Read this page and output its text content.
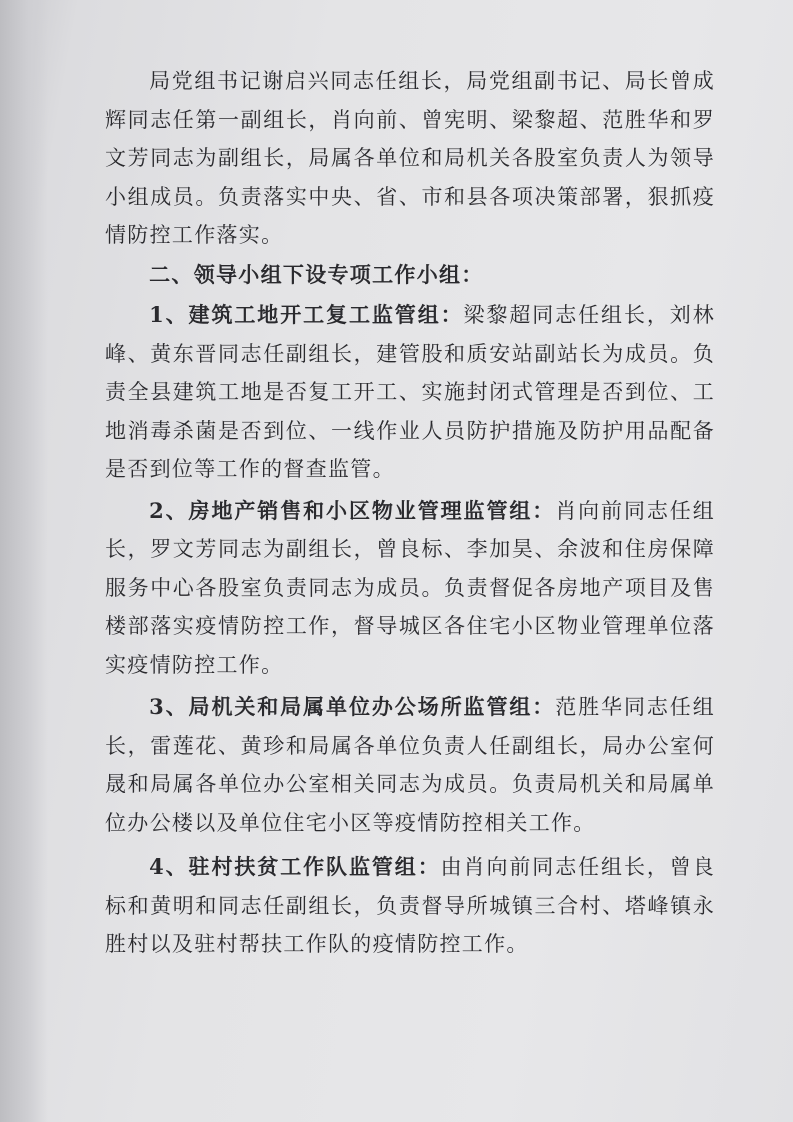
局党组书记谢启兴同志任组长，局党组副书记、局长曾成辉同志任第一副组长，肖向前、曾宪明、梁黎超、范胜华和罗文芳同志为副组长，局属各单位和局机关各股室负责人为领导小组成员。负责落实中央、省、市和县各项决策部署，狠抓疫情防控工作落实。

二、领导小组下设专项工作小组：

1、建筑工地开工复工监管组：梁黎超同志任组长，刘林峰、黄东晋同志任副组长，建管股和质安站副站长为成员。负责全县建筑工地是否复工开工、实施封闭式管理是否到位、工地消毒杀菌是否到位、一线作业人员防护措施及防护用品配备是否到位等工作的督查监管。

2、房地产销售和小区物业管理监管组：肖向前同志任组长，罗文芳同志为副组长，曾良标、李加昊、余波和住房保障服务中心各股室负责同志为成员。负责督促各房地产项目及售楼部落实疫情防控工作，督导城区各住宅小区物业管理单位落实疫情防控工作。

3、局机关和局属单位办公场所监管组：范胜华同志任组长，雷莲花、黄珍和局属各单位负责人任副组长，局办公室何晟和局属各单位办公室相关同志为成员。负责局机关和局属单位办公楼以及单位住宅小区等疫情防控相关工作。

4、驻村扶贫工作队监管组：由肖向前同志任组长，曾良标和黄明和同志任副组长，负责督导所城镇三合村、塔峰镇永胜村以及驻村帮扶工作队的疫情防控工作。
